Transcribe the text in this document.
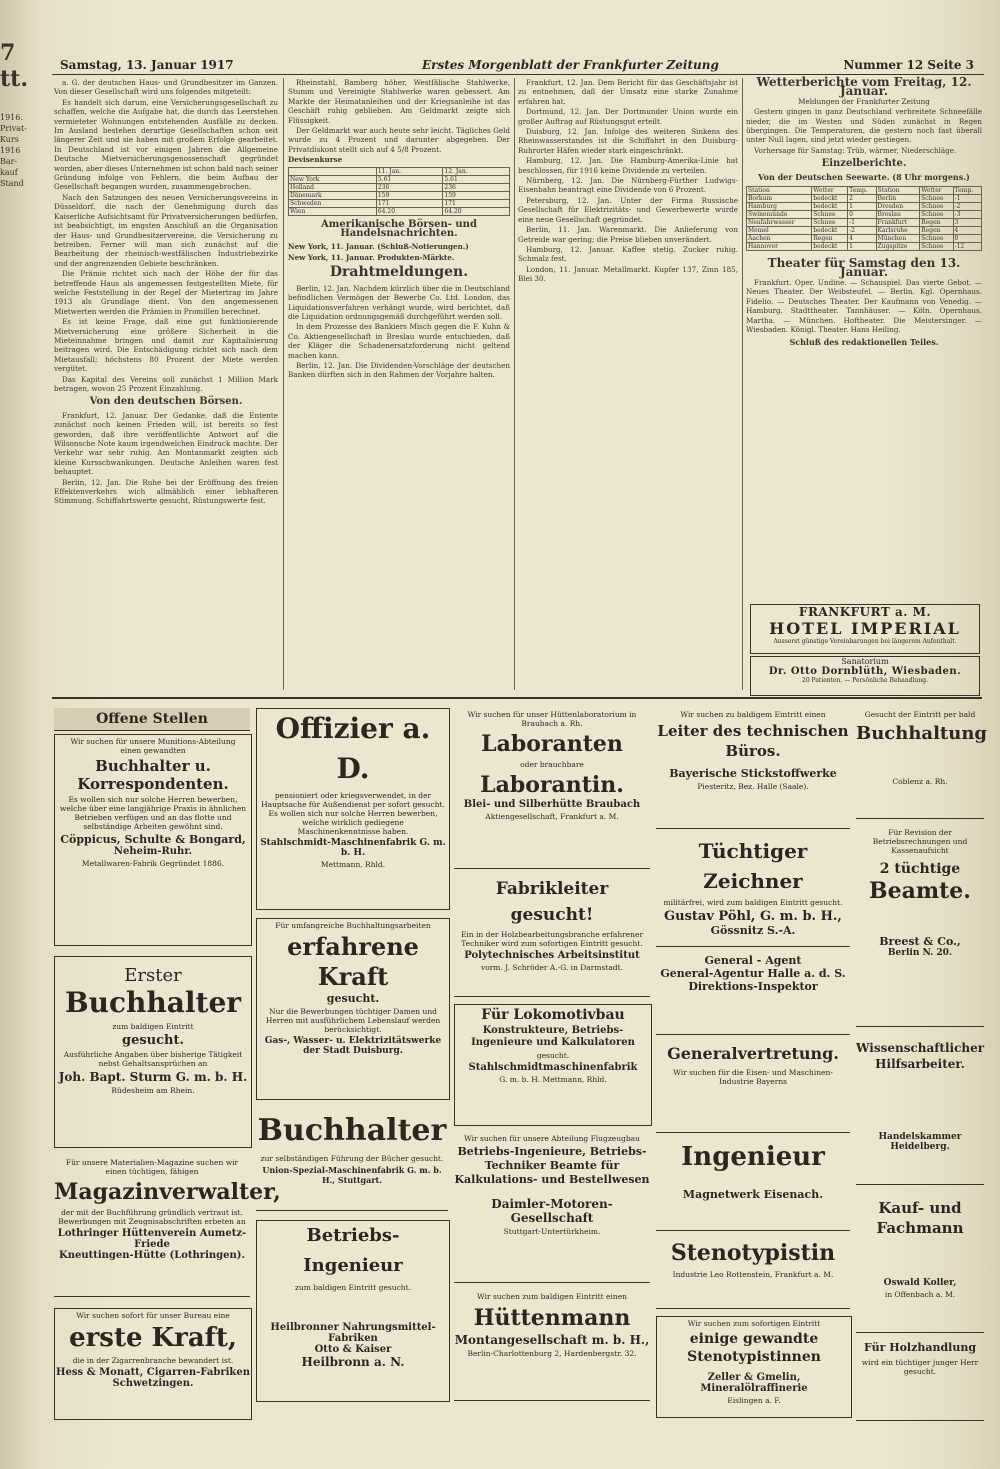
7
tt.
1916.
Privat-
Kurs
1916
Bar-
kauf
Stand
Samstag, 13. Januar 1917	Erstes Morgenblatt der Frankfurter Zeitung	Nummer 12 Seite 3

a. G. der deutschen Haus- und Grundbesitzer im Ganzen. Von dieser Gesellschaft wird uns folgendes mitgeteilt:

Es handelt sich darum, eine Versicherungsgesellschaft zu schaffen, welche die Aufgabe hat, die durch das Leerstehen vermieteter Wohnungen entstehenden Ausfälle zu decken. Im Ausland bestehen derartige Gesellschaften schon seit längerer Zeit und sie haben mit großem Erfolge gearbeitet. In Deutschland ist vor einigen Jahren die Allgemeine Deutsche Mietversicherungsgenossenschaft gegründet worden, aber dieses Unternehmen ist schon bald nach seiner Gründung infolge von Fehlern, die beim Aufbau der Gesellschaft begangen wurden, zusammengebrochen.

Nach den Satzungen des neuen Versicherungsvereins in Düsseldorf, die nach der Genehmigung durch das Kaiserliche Aufsichtsamt für Privatversicherungen bedürfen, ist beabsichtigt, im engsten Anschluß an die Organisation der Haus- und Grundbesitzervereine, die Versicherung zu betreiben. Ferner will man sich zunächst auf die Bearbeitung der rheinisch-westfälischen Industriebezirke und der angrenzenden Gebiete beschränken.

Die Prämie richtet sich nach der Höhe der für das betreffende Haus als angemessen festgestellten Miete, für welche Feststellung in der Regel der Mietertrag im Jahre 1913 als Grundlage dient. Von den angemessenen Mietwerten werden die Prämien in Promillen berechnet.

Es ist keine Frage, daß eine gut funktionierende Mietversicherung eine größere Sicherheit in die Mieteinnahme bringen und damit zur Kapitalisierung beitragen wird. Die Entschädigung richtet sich nach dem Mietausfall; höchstens 80 Prozent der Miete werden vergütet.

Das Kapital des Vereins soll zunächst 1 Million Mark betragen, wovon 25 Prozent Einzahlung.

Von den deutschen Börsen.

Frankfurt, 12. Januar. Der Gedanke, daß die Entente zunächst noch keinen Frieden will, ist bereits so fest geworden, daß ihre veröffentlichte Antwort auf die Wilsonsche Note kaum irgendwelchen Eindruck machte. Der Verkehr war sehr ruhig. Am Montanmarkt zeigten sich kleine Kursschwankungen. Deutsche Anleihen waren fest behauptet.

Berlin, 12. Jan. Die Ruhe bei der Eröffnung des freien Effektenverkehrs wich allmählich einer lebhafteren Stimmung. Schiffahrtswerte gesucht, Rüstungswerte fest.

Rheinstahl, Bamberg höher, Westfälische Stahlwerke, Stumm und Vereinigte Stahlwerke waren gebessert. Am Markte der Heimatanleihen und der Kriegsanleihe ist das Geschäft ruhig geblieben. Am Geldmarkt zeigte sich Flüssigkeit.

Der Geldmarkt war auch heute sehr leicht. Tägliches Geld wurde zu 4 Prozent und darunter abgegeben. Der Privatdiskont stellt sich auf 4 5/8 Prozent.

Devisenkurse

	11. Jan.	12. Jan.
New York	5.61	5.61
Holland	236	236
Dänemark	159	159
Schweden	171	171
Wien	64.20	64.20

Amerikanische Börsen- und Handelsnachrichten.

New York, 11. Januar. (Schluß-Notierungen.)

New York, 11. Januar. Produkten-Märkte.

Drahtmeldungen.

Berlin, 12. Jan. Nachdem kürzlich über die in Deutschland befindlichen Vermögen der Bewerbe Co. Ltd. London, das Liquidationsverfahren verhängt wurde, wird berichtet, daß die Liquidation ordnungsgemäß durchgeführt werden soll.

In dem Prozesse des Bankiers Misch gegen die F. Kuhn & Co. Aktiengesellschaft in Breslau wurde entschieden, daß der Kläger die Schadenersatzforderung nicht geltend machen kann.

Berlin, 12. Jan. Die Dividenden-Vorschläge der deutschen Banken dürften sich in den Rahmen der Vorjahre halten.

Frankfurt, 12. Jan. Dem Bericht für das Geschäftsjahr ist zu entnehmen, daß der Umsatz eine starke Zunahme erfahren hat.

Dortmund, 12. Jan. Der Dortmunder Union wurde ein großer Auftrag auf Rüstungsgut erteilt.

Duisburg, 12. Jan. Infolge des weiteren Sinkens des Rheinwasserstandes ist die Schiffahrt in den Duisburg-Ruhrorter Häfen wieder stark eingeschränkt.

Hamburg, 12. Jan. Die Hamburg-Amerika-Linie hat beschlossen, für 1916 keine Dividende zu verteilen.

Nürnberg, 12. Jan. Die Nürnberg-Fürther Ludwigs-Eisenbahn beantragt eine Dividende von 6 Prozent.

Petersburg, 12. Jan. Unter der Firma Russische Gesellschaft für Elektrizitäts- und Gewerbewerte wurde eine neue Gesellschaft gegründet.

Berlin, 11. Jan. Warenmarkt. Die Anlieferung von Getreide war gering; die Preise blieben unverändert.

Hamburg, 12. Januar. Kaffee stetig. Zucker ruhig. Schmalz fest.

London, 11. Januar. Metallmarkt. Kupfer 137, Zinn 185, Blei 30.

Wetterberichte vom Freitag, 12. Januar.

Meldungen der Frankfurter Zeitung

Gestern gingen in ganz Deutschland verbreitete Schneefälle nieder, die im Westen und Süden zunächst in Regen übergingen. Die Temperaturen, die gestern noch fast überall unter Null lagen, sind jetzt wieder gestiegen.

Vorhersage für Samstag: Trüb, wärmer, Niederschläge.

Einzelberichte.

Von der Deutschen Seewarte. (8 Uhr morgens.)

Station	Wetter	Temp.	Station	Wetter	Temp.
Borkum	bedeckt	2	Berlin	Schnee	-1
Hamburg	bedeckt	1	Dresden	Schnee	-2
Swinemünde	Schnee	0	Breslau	Schnee	-3
Neufahrwasser	Schnee	-1	Frankfurt	Regen	3
Memel	bedeckt	-2	Karlsruhe	Regen	4
Aachen	Regen	4	München	Schnee	0
Hannover	bedeckt	1	Zugspitze	Schnee	-12
Theater für Samstag den 13. Januar.

Frankfurt. Oper. Undine. — Schauspiel. Das vierte Gebot. — Neues Theater. Der Weibsteufel. — Berlin. Kgl. Opernhaus. Fidelio. — Deutsches Theater. Der Kaufmann von Venedig. — Hamburg. Stadttheater. Tannhäuser. — Köln. Opernhaus. Martha. — München. Hoftheater. Die Meistersinger. — Wiesbaden. Königl. Theater. Hans Heiling.

Schluß des redaktionellen Teiles.

FRANKFURT a. M.
HOTEL IMPERIAL
Ausserst günstige Vereinbarungen bei längerem Aufenthalt.
Sanatorium
Dr. Otto Dornblüth, Wiesbaden.
20 Patienten. — Persönliche Behandlung.
Offene Stellen
Wir suchen für unsere Munitions-Abteilung einen gewandten
Buchhalter u. Korrespondenten.
Es wollen sich nur solche Herren bewerben, welche über eine langjährige Praxis in ähnlichen Betrieben verfügen und an das flotte und selbständige Arbeiten gewöhnt sind.
Cöppicus, Schulte & Bongard,
Neheim-Ruhr.
Metallwaren-Fabrik Gegründet 1886.
Erster
Buchhalter
zum baldigen Eintritt
gesucht.
Ausführliche Angaben über bisherige Tätigkeit nebst Gehaltsansprüchen an
Joh. Bapt. Sturm G. m. b. H.
Rüdesheim am Rhein.
Für unsere Materialien-Magazine suchen wir einen tüchtigen, fähigen
Magazinverwalter,
der mit der Buchführung gründlich vertraut ist. Bewerbungen mit Zeugnisabschriften erbeten an
Lothringer Hüttenverein Aumetz-Friede
Kneuttingen-Hütte (Lothringen).
Wir suchen sofort für unser Bureau eine
erste Kraft,
die in der Zigarrenbranche bewandert ist.
Hess & Monatt, Cigarren-Fabriken
Schwetzingen.
Offizier a. D.
pensioniert oder kriegsverwendet, in der Hauptsache für Außendienst per sofort gesucht. Es wollen sich nur solche Herren bewerben, welche wirklich gediegene Maschinenkenntnisse haben.
Stahlschmidt-Maschinenfabrik G. m. b. H.
Mettmann, Rhld.
Für umfangreiche Buchhaltungsarbeiten
erfahrene Kraft
gesucht.
Nur die Bewerbungen tüchtiger Damen und Herren mit ausführlichem Lebenslauf werden berücksichtigt.
Gas-, Wasser- u. Elektrizitätswerke der Stadt Duisburg.
Buchhalter
zur selbständigen Führung der Bücher gesucht.
Union-Spezial-Maschinenfabrik G. m. b. H., Stuttgart.
Betriebs-Ingenieur
zum baldigen Eintritt gesucht.
Heilbronner Nahrungsmittel-Fabriken
Otto & Kaiser
Heilbronn a. N.
Wir suchen für unser Hüttenlaboratorium in Braubach a. Rh.
Laboranten
oder brauchbare
Laborantin.
Blei- und Silberhütte Braubach
Aktiengesellschaft, Frankfurt a. M.
Fabrikleiter gesucht!
Ein in der Holzbearbeitungsbranche erfahrener Techniker wird zum sofortigen Eintritt gesucht.
Polytechnisches Arbeitsinstitut
vorm. J. Schröder A.-G. in Darmstadt.
Für Lokomotivbau
Konstrukteure, Betriebs-Ingenieure und Kalkulatoren
gesucht.
Stahlschmidtmaschinenfabrik
G. m. b. H. Mettmann, Rhld.
Wir suchen für unsere Abteilung Flugzeugbau
Betriebs-Ingenieure, Betriebs-Techniker Beamte für Kalkulations- und Bestellwesen
Daimler-Motoren-Gesellschaft
Stuttgart-Untertürkheim.
Wir suchen zum baldigen Eintritt einen
Hüttenmann
Montangesellschaft m. b. H.,
Berlin-Charlottenburg 2, Hardenbergstr. 32.
Wir suchen zu baldigem Eintritt einen
Leiter des technischen Büros.
Bayerische Stickstoffwerke
Piesteritz, Bez. Halle (Saale).
Tüchtiger Zeichner
militärfrei, wird zum baldigen Eintritt gesucht.
Gustav Pöhl, G. m. b. H.,
Gössnitz S.-A.
General - Agent
General-Agentur Halle a. d. S.
Direktions-Inspektor
Generalvertretung.
Wir suchen für die Eisen- und Maschinen-Industrie Bayerns
Ingenieur
Magnetwerk Eisenach.
Stenotypistin
Industrie Leo Rottenstein, Frankfurt a. M.
Wir suchen zum sofortigen Eintritt
einige gewandte Stenotypistinnen
Zeller & Gmelin, Mineralölraffinerie
Eislingen a. F.
Gesucht der Eintritt per bald
Buchhaltung
Coblenz a. Rh.
Für Revision der Betriebsrechnungen und Kassenaufsicht
2 tüchtige
Beamte.
Breest & Co.,
Berlin N. 20.
Wissenschaftlicher Hilfsarbeiter.
Handelskammer Heidelberg.
Kauf- und Fachmann
Oswald Koller,
in Offenbach a. M.
Für Holzhandlung
wird ein tüchtiger junger Herr gesucht.
